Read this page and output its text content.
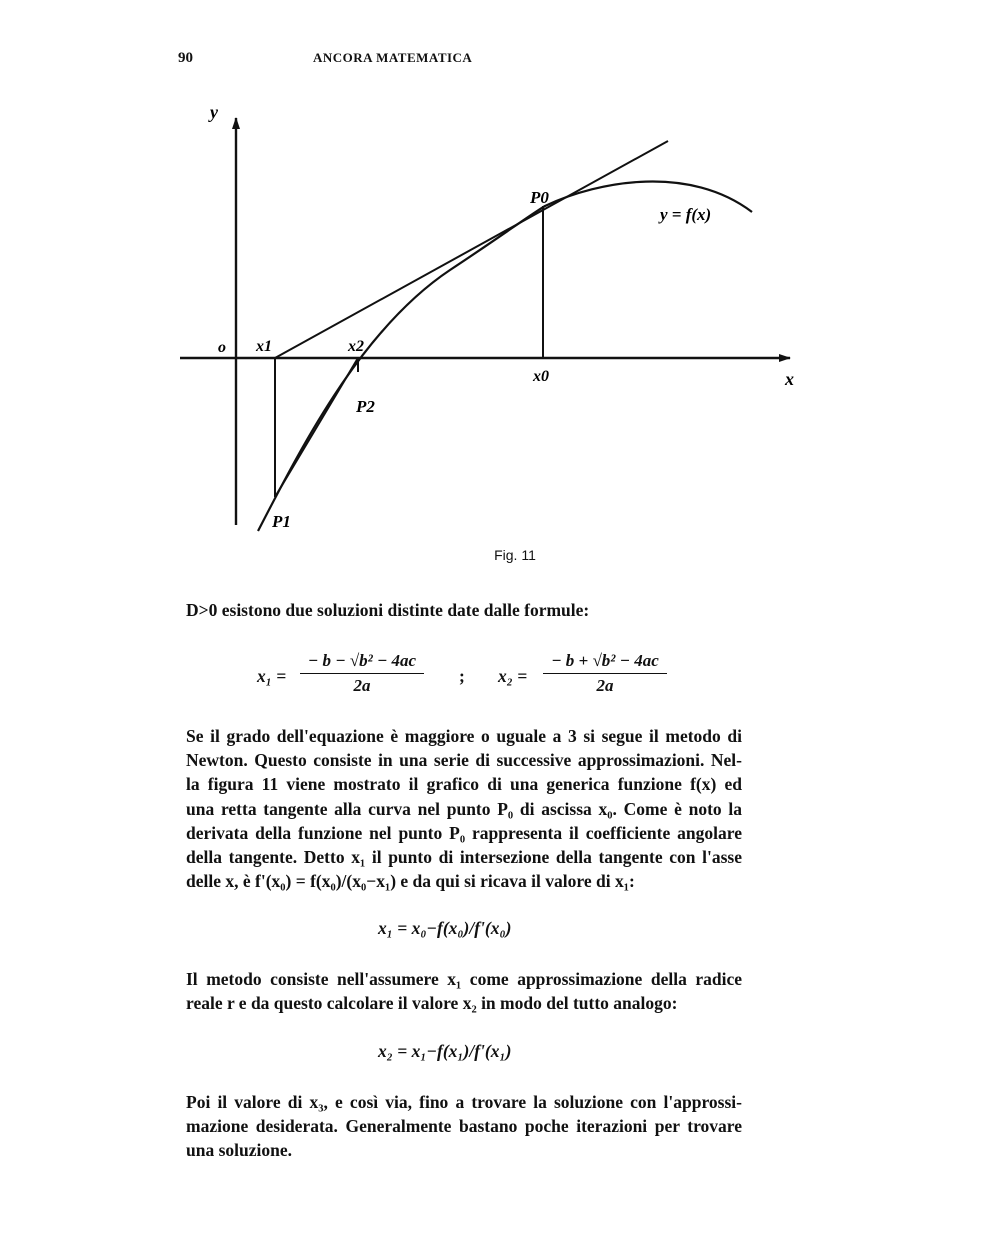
90	ANCORA MATEMATICA
y
x
o
y = f(x)
P0
P1
P2
x0
x1	x2
Fig. 11
D>0 esistono due soluzioni distinte date dalle formule:
$x_1 = \frac{\text{− b − √b² − 4ac}}{2a}$ ; $x_2 = \frac{\text{− b + √b² − 4ac}}{2a}$
Se il grado dell'equazione è maggiore o uguale a 3 si segue il metodo di
Newton. Questo consiste in una serie di successive approssimazioni. Nel-
la figura 11 viene mostrato il grafico di una generica funzione f(x) ed
una retta tangente alla curva nel punto P₀ di ascissa x₀. Come è noto la
derivata della funzione nel punto P₀ rappresenta il coefficiente angolare
della tangente. Detto x₁ il punto di intersezione della tangente con l'asse
delle x, è f'(x₀) = f(x₀)/(x₀−x₁) e da qui si ricava il valore di x₁:
x₁ = x₀−f(x₀)/f'(x₀)
Il metodo consiste nell'assumere x₁ come approssimazione della radice
reale r e da questo calcolare il valore x₂ in modo del tutto analogo:
x₂ = x₁−f(x₁)/f'(x₁)
Poi il valore di x₃, e così via, fino a trovare la soluzione con l'approssi-
mazione desiderata. Generalmente bastano poche iterazioni per trovare
una soluzione.
